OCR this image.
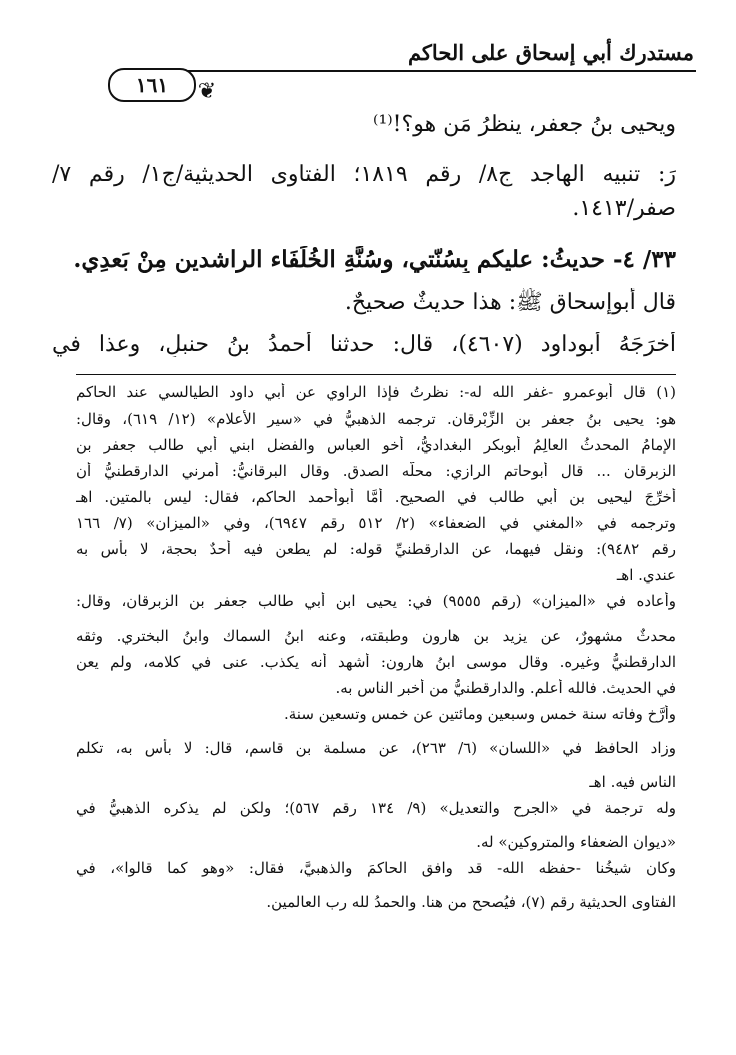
مستدرك أبي إسحاق على الحاكم
١٦١	❦
ويحيى بنُ جعفر، ينظرُ مَن هو؟!⁽¹⁾
رَ: تنبيه الهاجد ج٨/ رقم ١٨١٩؛ الفتاوى الحديثية/ج١/ رقم ٧/
صفر/١٤١٣.
٣٣/ ٤- حديثُ: عليكم بِسُنّتي، وسُنَّةِ الخُلَفَاء الراشدين مِنْ بَعدِي.
قال أبوإسحاق ﷺ: هذا حديثٌ صحيحٌ.
أخرَجَهُ أبوداود (٤٦٠٧)، قال: حدثنا أحمدُ بنُ حنبلٍ، وعذا في
(١) قال أبوعمرو -غفر الله له-: نظرتُ فإذا الراوي عن أبي داود الطيالسي عند الحاكم
هو: يحيى بنُ جعفر بن الزِّبْرِقان. ترجمه الذهبيُّ في «سير الأعلام» (١٢/ ٦١٩)، وقال:
الإمامُ المحدثُ العالِمُ أبوبكر البغداديُّ، أخو العباس والفضل ابني أبي طالب جعفر بن
الزبرقان ... قال أبوحاتم الرازي: محلُّه الصدق. وقال البرقانيُّ: أمرني الدارقطنيُّ أن
أخرِّجَ ليحيى بن أبي طالب في الصحيح. أمَّا أبوأحمد الحاكم، فقال: ليس بالمتين. اهـ
وترجمه في «المغني في الضعفاء» (٢/ ٥١٢ رقم ٦٩٤٧)، وفي «الميزان» (٧/ ١٦٦
رقم ٩٤٨٢): ونقل فيهما، عن الدارقطنيِّ قوله: لم يطعن فيه أحدٌ بحجة، لا بأس به
عندي. اهـ
وأعاده في «الميزان» (رقم ٩٥٥٥) في: يحيى ابن أبي طالب جعفر بن الزبرقان، وقال:
محدثٌ مشهورٌ، عن يزيد بن هارون وطبقته، وعنه ابنُ السماك وابنُ البختري. وثقه
الدارقطنيُّ وغيره. وقال موسى ابنُ هارون: أشهد أنه يكذب. عنى في كلامه، ولم يعنِ
في الحديث. فالله أعلم. والدارقطنيُّ من أخبر الناس به.
وأرَّخ وفاته سنة خمس وسبعين ومائتين عن خمس وتسعين سنة.
وزاد الحافظ في «اللسان» (٦/ ٢٦٣)، عن مسلمة بن قاسم، قال: لا بأس به، تكلم
الناس فيه. اهـ
وله ترجمة في «الجرح والتعديل» (٩/ ١٣٤ رقم ٥٦٧)؛ ولكن لم يذكره الذهبيُّ في
«ديوان الضعفاء والمتروكين» له.
وكان شيخُنا -حفظه الله- قد وافق الحاكمَ والذهبيَّ، فقال: «وهو كما قالوا»، في
الفتاوى الحديثية رقم (٧)، فيُصحح من هنا. والحمدُ لله رب العالمين.
